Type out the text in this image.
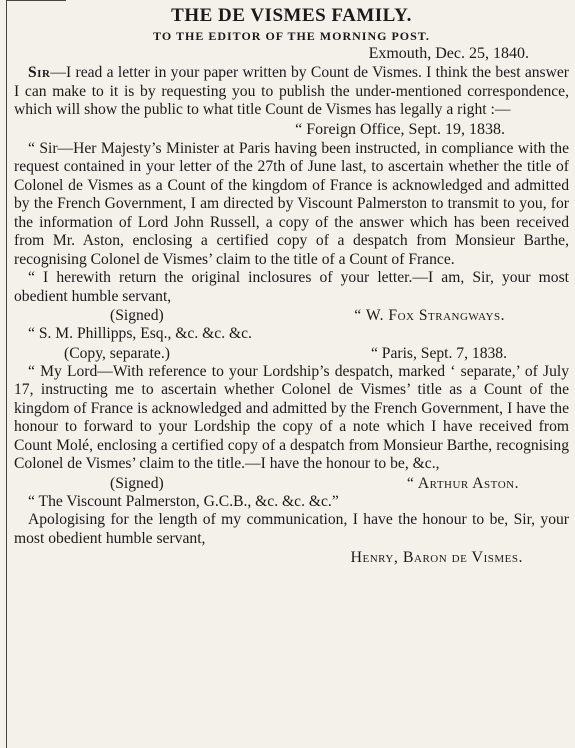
THE DE VISMES FAMILY.
TO THE EDITOR OF THE MORNING POST.
Exmouth, Dec. 25, 1840.

Sir—I read a letter in your paper written by Count de Vismes. I think the best answer I can make to it is by requesting you to publish the under-mentioned correspondence, which will show the public to what title Count de Vismes has legally a right :—

“ Foreign Office, Sept. 19, 1838.

“ Sir—Her Majesty’s Minister at Paris having been instructed, in compliance with the request contained in your letter of the 27th of June last, to ascertain whether the title of Colonel de Vismes as a Count of the kingdom of France is acknowledged and admitted by the French Government, I am directed by Viscount Palmerston to transmit to you, for the information of Lord John Russell, a copy of the answer which has been received from Mr. Aston, enclosing a certified copy of a despatch from Monsieur Barthe, recognising Colonel de Vismes’ claim to the title of a Count of France.

“ I herewith return the original inclosures of your letter.—I am, Sir, your most obedient humble servant,

(Signed)	“ W. Fox Strangways.

“ S. M. Phillipps, Esq., &c. &c. &c.

(Copy, separate.)	“ Paris, Sept. 7, 1838.

“ My Lord—With reference to your Lordship’s despatch, marked ‘ separate,’ of July 17, instructing me to ascertain whether Colonel de Vismes’ title as a Count of the kingdom of France is acknowledged and admitted by the French Government, I have the honour to forward to your Lordship the copy of a note which I have received from Count Molé, enclosing a certified copy of a despatch from Monsieur Barthe, recognising Colonel de Vismes’ claim to the title.—I have the honour to be, &c.,

(Signed)	“ Arthur Aston.

“ The Viscount Palmerston, G.C.B., &c. &c. &c.”

Apologising for the length of my communication, I have the honour to be, Sir, your most obedient humble servant,

Henry, Baron de Vismes.
